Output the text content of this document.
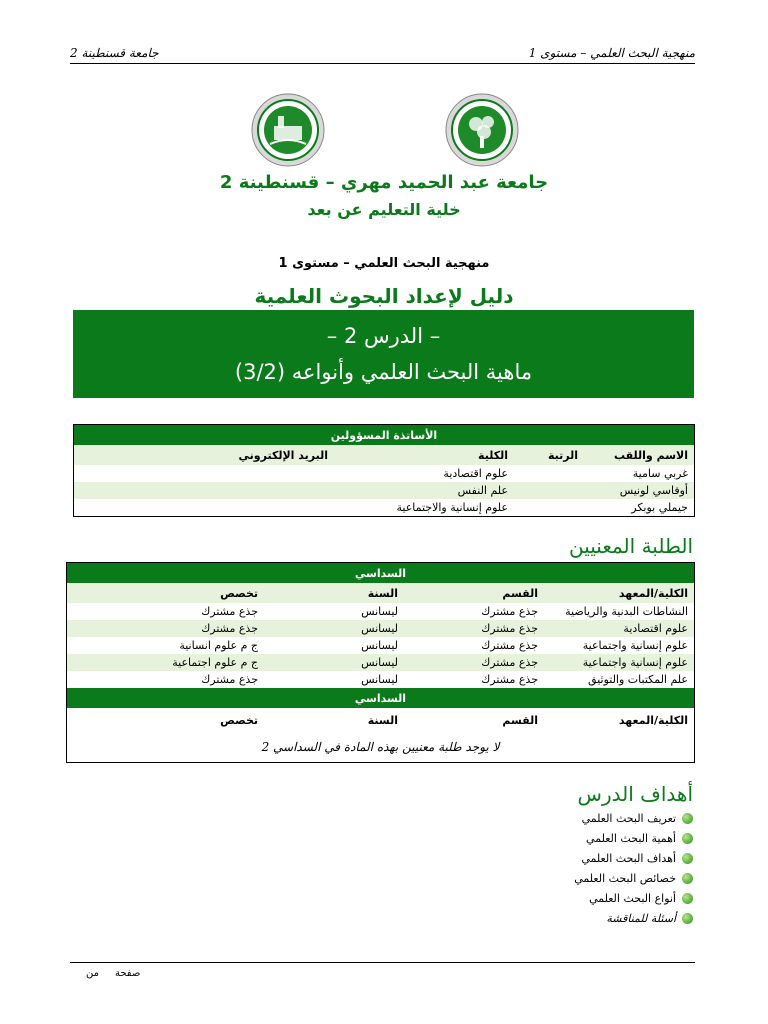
منهجية البحث العلمي – مستوى 1
جامعة قسنطينة 2
جامعة عبد الحميد مهري – قسنطينة 2
خلية التعليم عن بعد
منهجية البحث العلمي – مستوى 1
دليل لإعداد البحوث العلمية
– الدرس 2 –
ماهية البحث العلمي وأنواعه (3/2)
الأساتذة المسؤولين			
الاسم واللقب	الرتبة	الكلية	البريد الإلكتروني
غربي سامية		علوم اقتصادية	
أوفاسي لونيس		علم النفس	
جيملي بوبكر		علوم إنسانية والاجتماعية	
الطلبة المعنيين
السداسي			
الكلية/المعهد	القسم	السنة	تخصص
النشاطات البدنية والرياضية	جذع مشترك	ليسانس	جذع مشترك
علوم اقتصادية	جذع مشترك	ليسانس	جذع مشترك
علوم إنسانية واجتماعية	جذع مشترك	ليسانس	ج م علوم انسانية
علوم إنسانية واجتماعية	جذع مشترك	ليسانس	ج م علوم اجتماعية
علم المكتبات والتوثيق	جذع مشترك	ليسانس	جذع مشترك
السداسي			
الكلية/المعهد	القسم	السنة	تخصص
لا يوجد طلبة معنيين بهذه المادة في السداسي 2			
أهداف الدرس
تعريف البحث العلمي
أهمية البحث العلمي
أهداف البحث العلمي
خصائص البحث العلمي
أنواع البحث العلمي
أسئلة للمناقشة
صفحة
من
